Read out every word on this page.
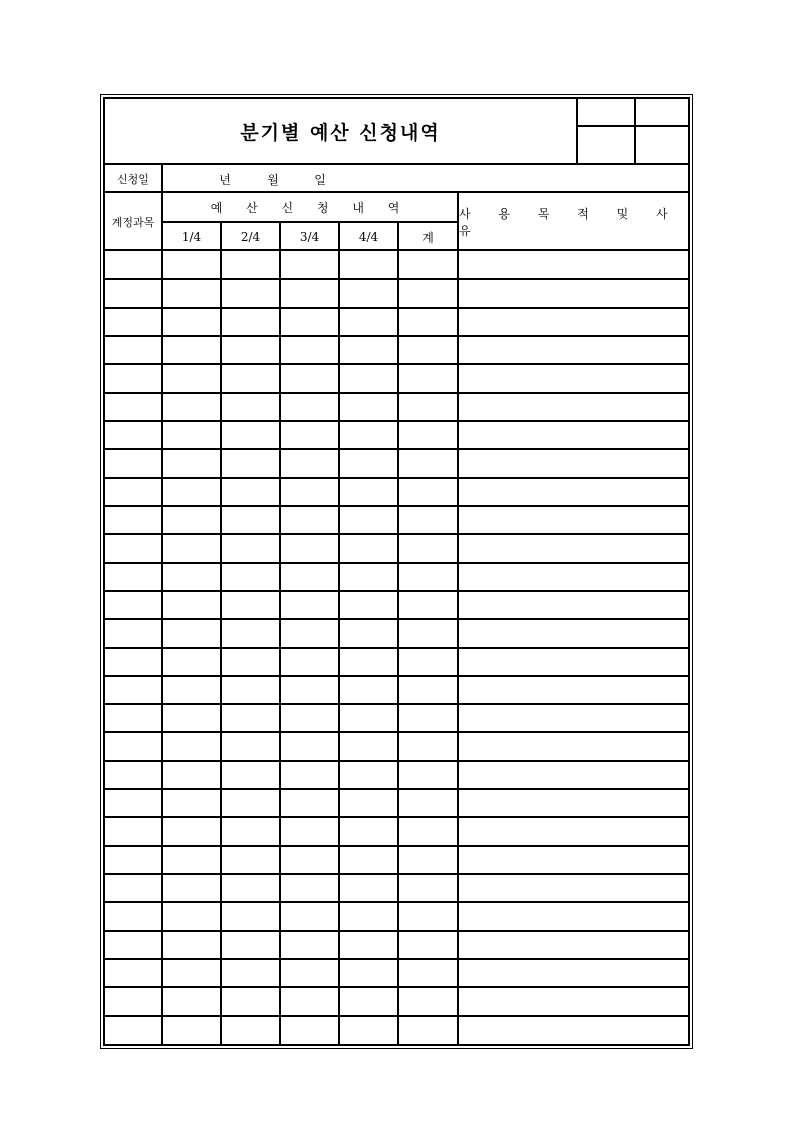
분기별 예산 신청내역
신청일	년	월	일
계정과목
예 산 신 청 내 역	사 용 목 적 및 사 유
1/4	2/4	3/4	4/4	계
